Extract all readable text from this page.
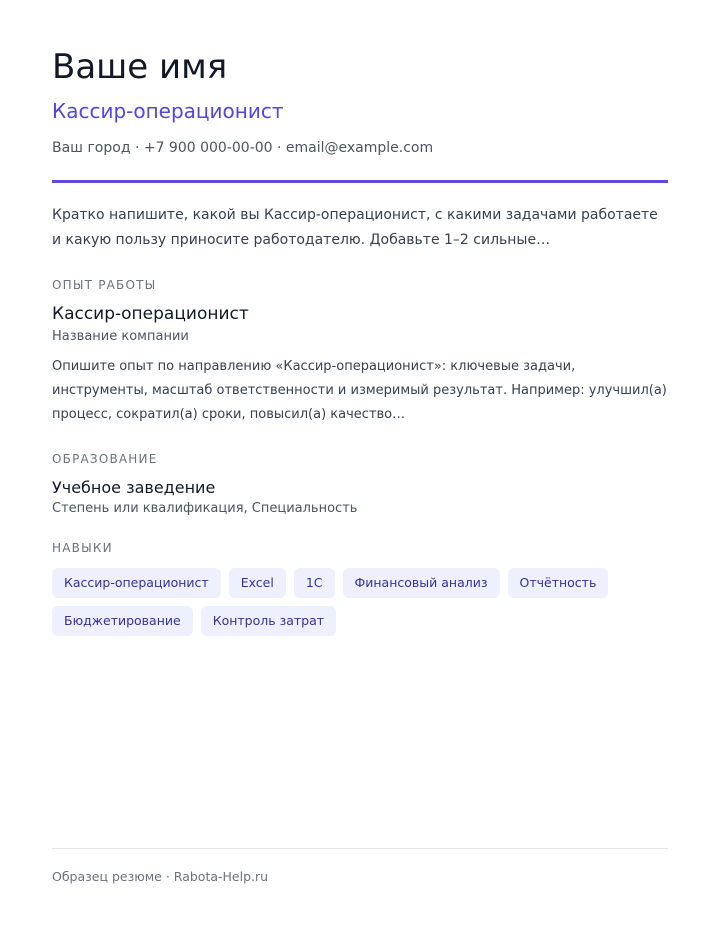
Ваше имя
Кассир-операционист
Ваш город · +7 900 000-00-00 · email@example.com
Кратко напишите, какой вы Кассир-операционист, с какими задачами работаете и какую пользу приносите работодателю. Добавьте 1–2 сильные…
ОПЫТ РАБОТЫ
Кассир-операционист
Название компании
Опишите опыт по направлению «Кассир-операционист»: ключевые задачи, инструменты, масштаб ответственности и измеримый результат. Например: улучшил(а) процесс, сократил(а) сроки, повысил(а) качество…
ОБРАЗОВАНИЕ
Учебное заведение
Степень или квалификация, Специальность
НАВЫКИ
Кассир-операционист	Excel	1С	Финансовый анализ	Отчётность
Бюджетирование	Контроль затрат
Образец резюме · Rabota-Help.ru
